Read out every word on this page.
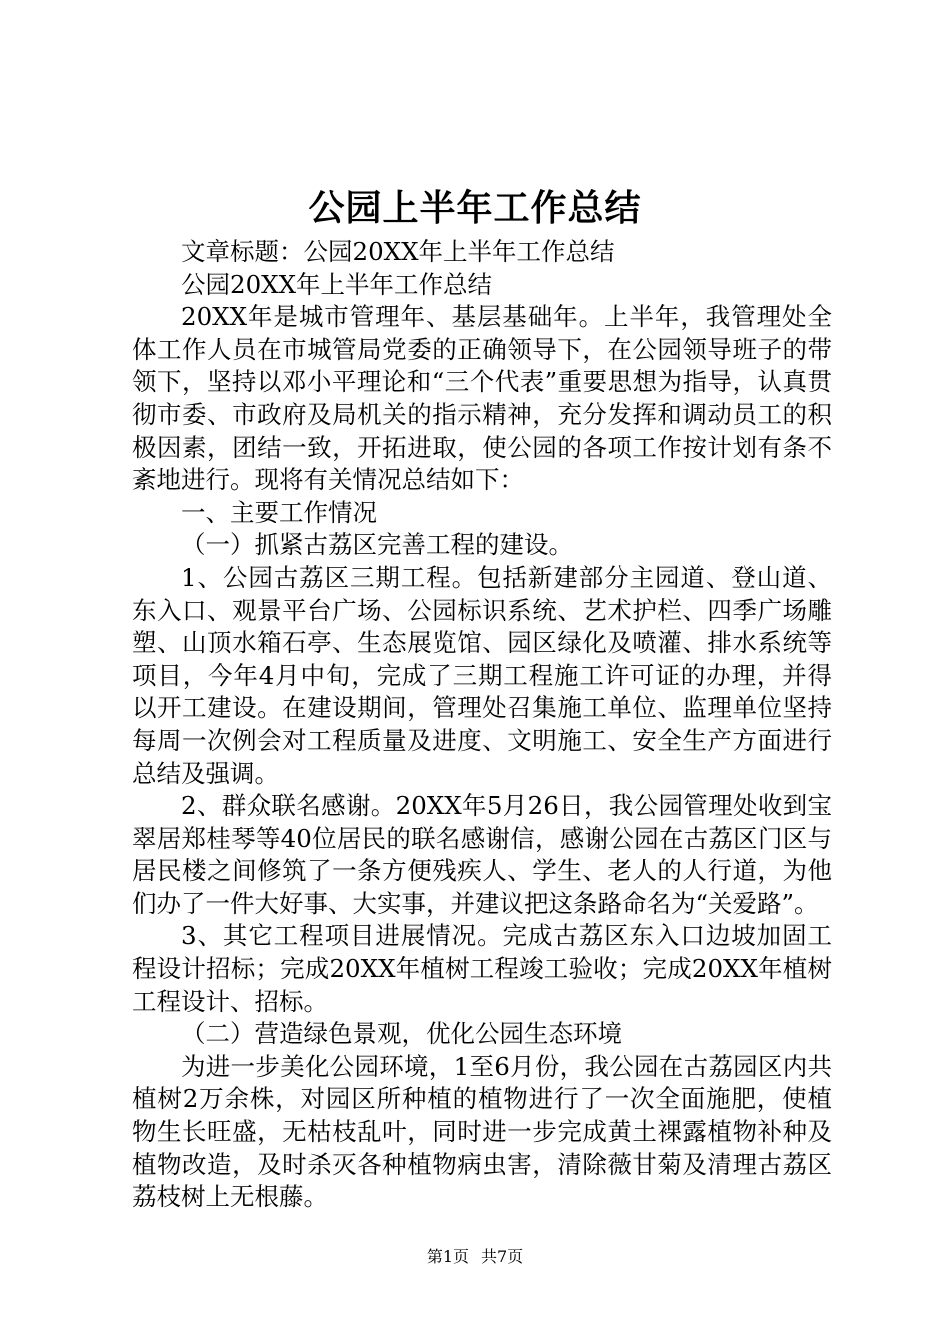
公园上半年工作总结

文章标题：公园20XX年上半年工作总结

公园20XX年上半年工作总结

20XX年是城市管理年、基层基础年。上半年，我管理处全体工作人员在市城管局党委的正确领导下，在公园领导班子的带领下，坚持以邓小平理论和“三个代表”重要思想为指导，认真贯彻市委、市政府及局机关的指示精神，充分发挥和调动员工的积极因素，团结一致，开拓进取，使公园的各项工作按计划有条不紊地进行。现将有关情况总结如下：

一、主要工作情况

（一）抓紧古荔区完善工程的建设。

1、公园古荔区三期工程。包括新建部分主园道、登山道、东入口、观景平台广场、公园标识系统、艺术护栏、四季广场雕塑、山顶水箱石亭、生态展览馆、园区绿化及喷灌、排水系统等项目，今年4月中旬，完成了三期工程施工许可证的办理，并得以开工建设。在建设期间，管理处召集施工单位、监理单位坚持每周一次例会对工程质量及进度、文明施工、安全生产方面进行总结及强调。

2、群众联名感谢。20XX年5月26日，我公园管理处收到宝翠居郑桂琴等40位居民的联名感谢信，感谢公园在古荔区门区与居民楼之间修筑了一条方便残疾人、学生、老人的人行道，为他们办了一件大好事、大实事，并建议把这条路命名为“关爱路”。

3、其它工程项目进展情况。完成古荔区东入口边坡加固工程设计招标；完成20XX年植树工程竣工验收；完成20XX年植树工程设计、招标。

（二）营造绿色景观，优化公园生态环境

为进一步美化公园环境，1至6月份，我公园在古荔园区内共植树2万余株，对园区所种植的植物进行了一次全面施肥，使植物生长旺盛，无枯枝乱叶，同时进一步完成黄土裸露植物补种及植物改造，及时杀灭各种植物病虫害，清除薇甘菊及清理古荔区荔枝树上无根藤。

第1页 共7页
